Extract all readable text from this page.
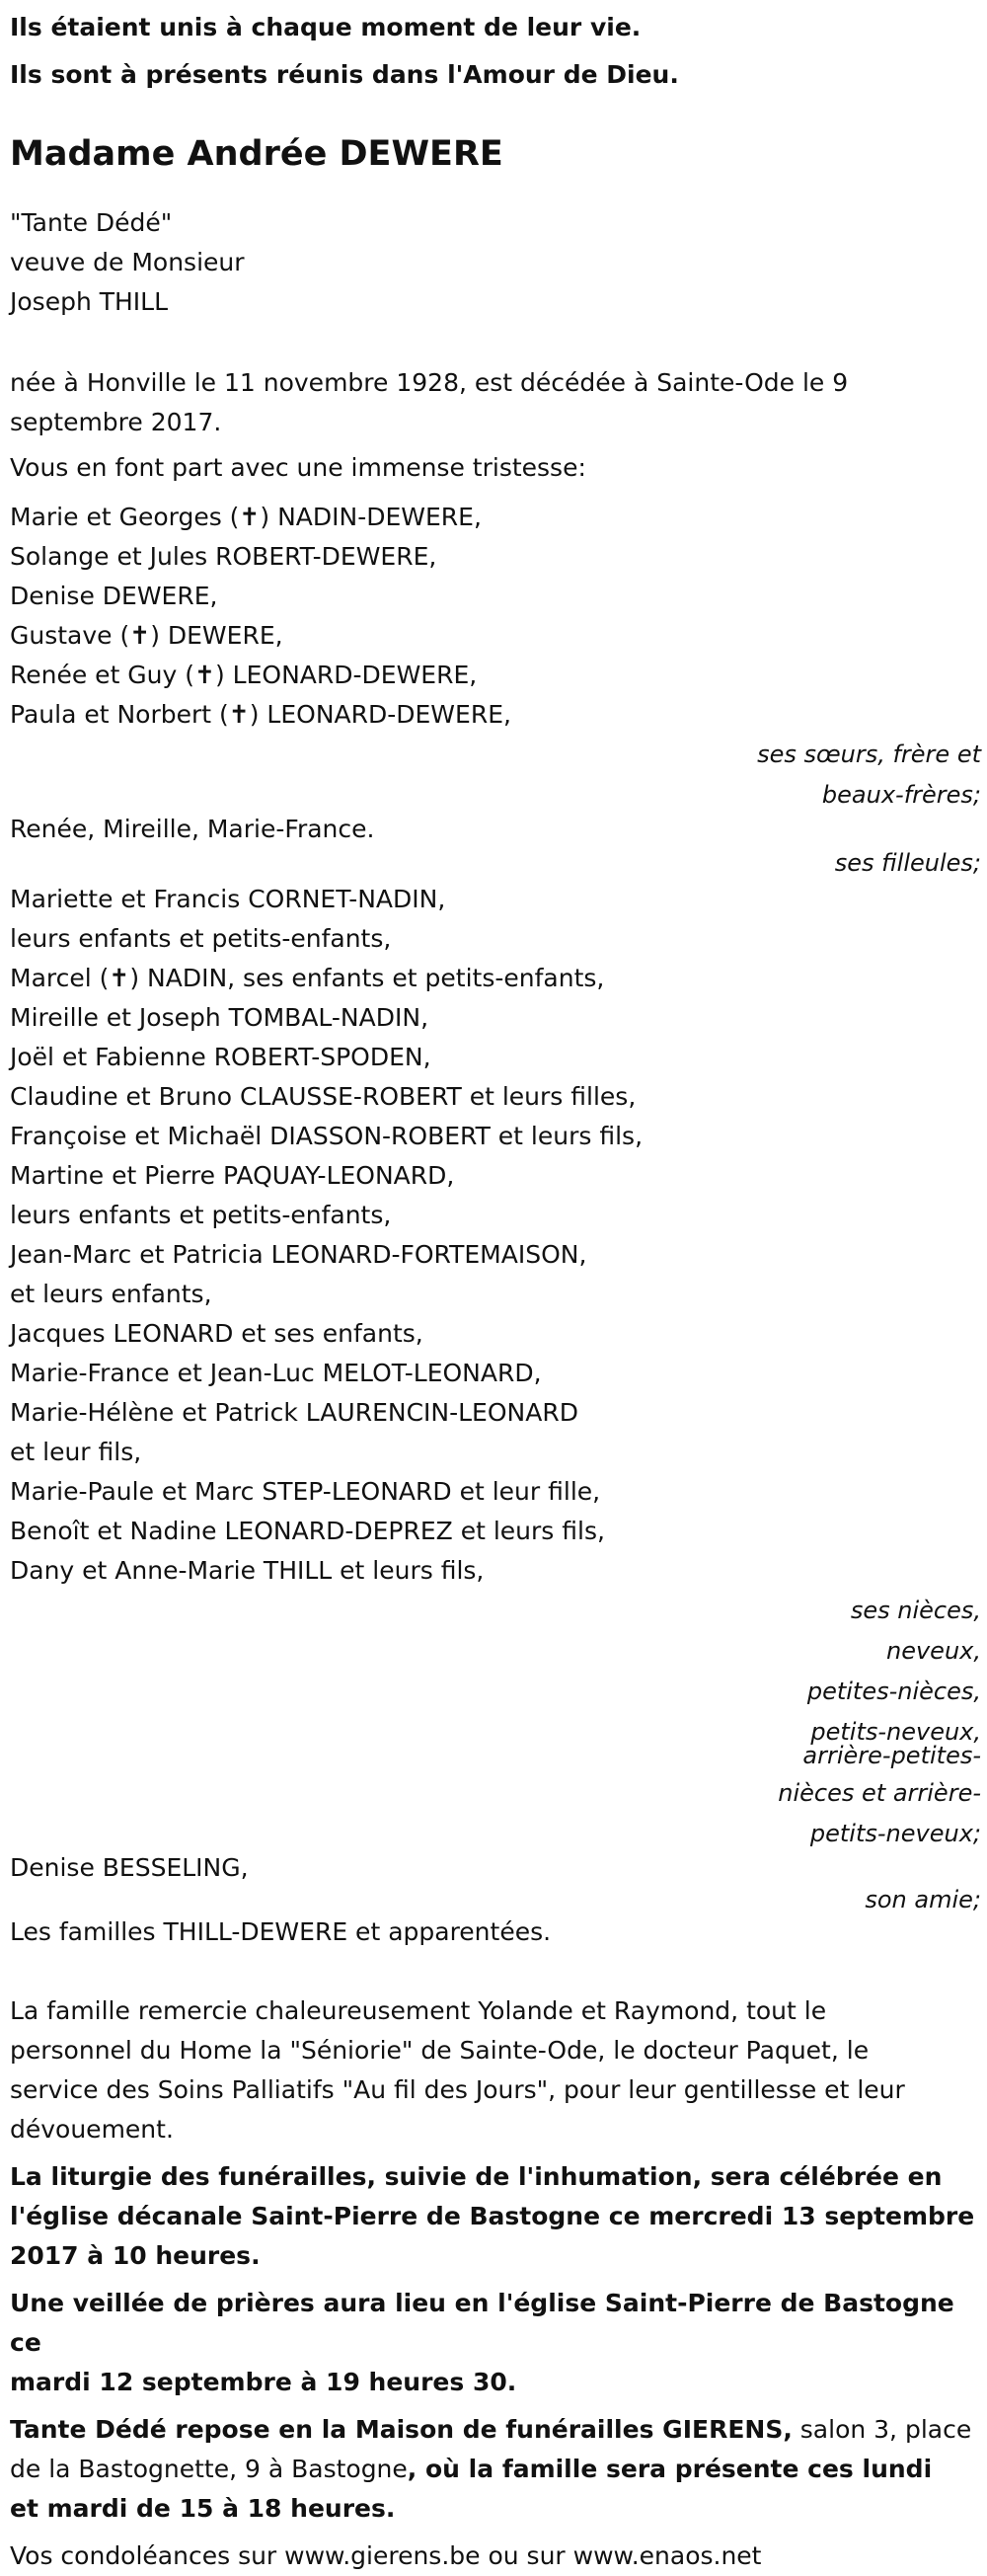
Ils étaient unis à chaque moment de leur vie.

Ils sont à présents réunis dans l'Amour de Dieu.

Madame Andrée DEWERE

"Tante Dédé"

veuve de Monsieur

Joseph THILL

née à Honville le 11 novembre 1928, est décédée à Sainte-Ode le 9

septembre 2017.

Vous en font part avec une immense tristesse:

Marie et Georges (✝) NADIN-DEWERE,

Solange et Jules ROBERT-DEWERE,

Denise DEWERE,

Gustave (✝) DEWERE,

Renée et Guy (✝) LEONARD-DEWERE,

Paula et Norbert (✝) LEONARD-DEWERE,

ses sœurs, frère et
beaux-frères;

Renée, Mireille, Marie-France.

ses filleules;

Mariette et Francis CORNET-NADIN,

leurs enfants et petits-enfants,

Marcel (✝) NADIN, ses enfants et petits-enfants,

Mireille et Joseph TOMBAL-NADIN,

Joël et Fabienne ROBERT-SPODEN,

Claudine et Bruno CLAUSSE-ROBERT et leurs filles,

Françoise et Michaël DIASSON-ROBERT et leurs fils,

Martine et Pierre PAQUAY-LEONARD,

leurs enfants et petits-enfants,

Jean-Marc et Patricia LEONARD-FORTEMAISON,

et leurs enfants,

Jacques LEONARD et ses enfants,

Marie-France et Jean-Luc MELOT-LEONARD,

Marie-Hélène et Patrick LAURENCIN-LEONARD

et leur fils,

Marie-Paule et Marc STEP-LEONARD et leur fille,

Benoît et Nadine LEONARD-DEPREZ et leurs fils,

Dany et Anne-Marie THILL et leurs fils,

ses nièces, neveux,
petites-nièces,
petits-neveux,
arrière-petites-
nièces et arrière-
petits-neveux;

Denise BESSELING,

son amie;

Les familles THILL-DEWERE et apparentées.

La famille remercie chaleureusement Yolande et Raymond, tout le

personnel du Home la "Séniorie" de Sainte-Ode, le docteur Paquet, le

service des Soins Palliatifs "Au fil des Jours", pour leur gentillesse et leur

dévouement.

La liturgie des funérailles, suivie de l'inhumation, sera célébrée en

l'église décanale Saint-Pierre de Bastogne ce mercredi 13 septembre

2017 à 10 heures.

Une veillée de prières aura lieu en l'église Saint-Pierre de Bastogne ce

mardi 12 septembre à 19 heures 30.

Tante Dédé repose en la Maison de funérailles GIERENS, salon 3, place

de la Bastognette, 9 à Bastogne, où la famille sera présente ces lundi

et mardi de 15 à 18 heures.

Vos condoléances sur www.gierens.be ou sur www.enaos.net
